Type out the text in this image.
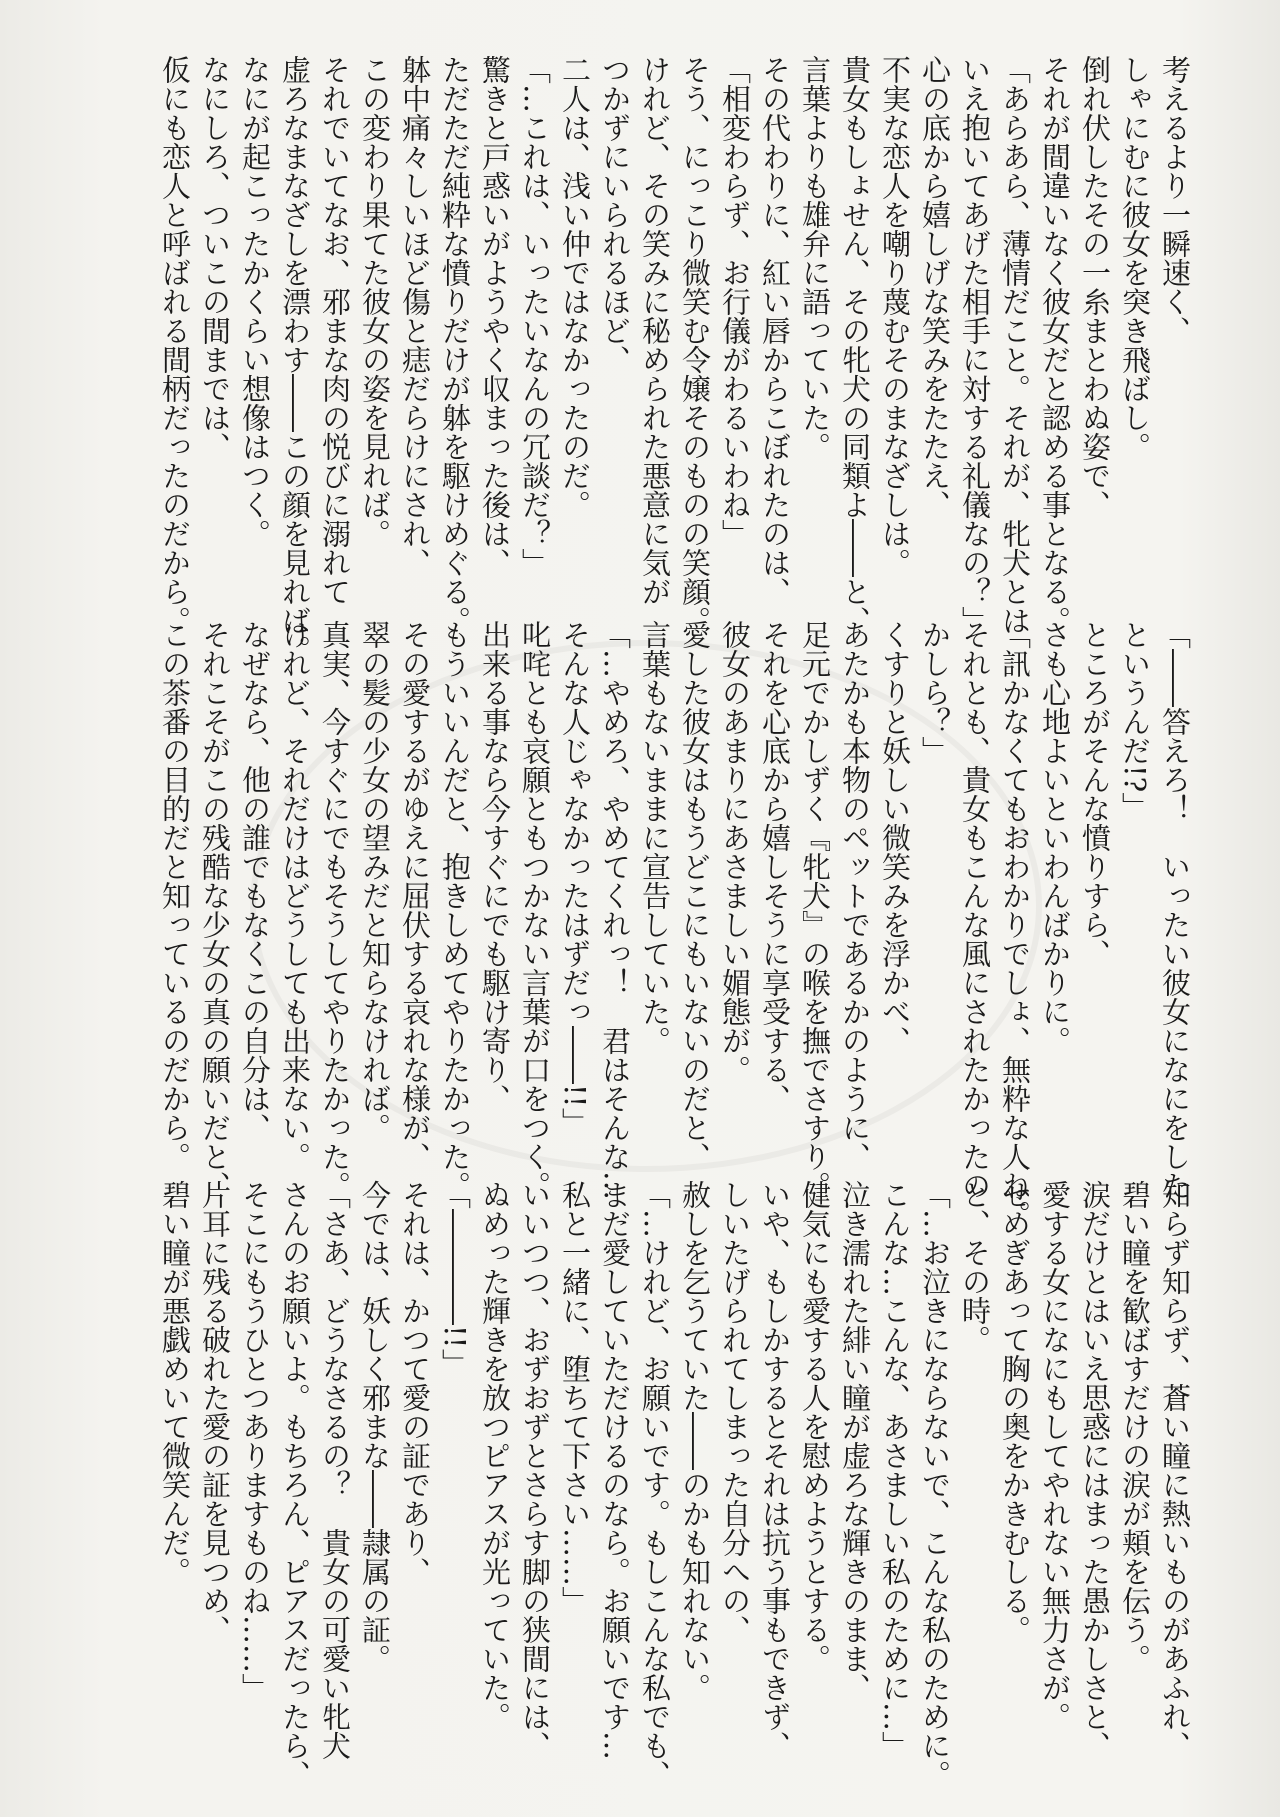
考えるより一瞬速く、
しゃにむに彼女を突き飛ばし。
倒れ伏したその一糸まとわぬ姿で、
それが間違いなく彼女だと認める事となる。
「あらあら、薄情だこと。それが、牝犬とは
いえ抱いてあげた相手に対する礼儀なの？」
心の底から嬉しげな笑みをたたえ、
不実な恋人を嘲り蔑むそのまなざしは。
貴女もしょせん、その牝犬の同類よ――と、
言葉よりも雄弁に語っていた。
その代わりに、紅い唇からこぼれたのは、
「相変わらず、お行儀がわるいわね」
そう、にっこり微笑む令嬢そのものの笑顔。
けれど、その笑みに秘められた悪意に気が
つかずにいられるほど、
二人は、浅い仲ではなかったのだ。
「…これは、いったいなんの冗談だ？」
驚きと戸惑いがようやく収まった後は、
ただただ純粋な憤りだけが躰を駆けめぐる。
躰中痛々しいほど傷と痣だらけにされ、
この変わり果てた彼女の姿を見れば。
それでいてなお、邪まな肉の悦びに溺れて
虚ろなまなざしを漂わす――この顔を見れば。
なにが起こったかくらい想像はつく。
なにしろ、ついこの間までは、
仮にも恋人と呼ばれる間柄だったのだから。
「――答えろ！　いったい彼女になにをした
というんだ!?」
ところがそんな憤りすら、
さも心地よいといわんばかりに。
「訊かなくてもおわかりでしょ、無粋な人ね。
それとも、貴女もこんな風にされたかったの
かしら？」
くすりと妖しい微笑みを浮かべ、
あたかも本物のペットであるかのように、
足元でかしずく『牝犬』の喉を撫でさすり。
それを心底から嬉しそうに享受する、
彼女のあまりにあさましい媚態が。
愛した彼女はもうどこにもいないのだと、
言葉もないままに宣告していた。
「…やめろ、やめてくれっ！　君はそんな…
そんな人じゃなかったはずだっ――!!」
叱咤とも哀願ともつかない言葉が口をつく。
出来る事なら今すぐにでも駆け寄り、
もういいんだと、抱きしめてやりたかった。
その愛するがゆえに屈伏する哀れな様が、
翠の髪の少女の望みだと知らなければ。
真実、今すぐにでもそうしてやりたかった。
けれど、それだけはどうしても出来ない。
なぜなら、他の誰でもなくこの自分は、
それこそがこの残酷な少女の真の願いだと、
この茶番の目的だと知っているのだから。
知らず知らず、蒼い瞳に熱いものがあふれ、
碧い瞳を歓ばすだけの涙が頬を伝う。
涙だけとはいえ思惑にはまった愚かしさと、
愛する女になにもしてやれない無力さが。
せめぎあって胸の奥をかきむしる。
と、その時。
「…お泣きにならないで、こんな私のために。
こんな…こんな、あさましい私のために…」
泣き濡れた緋い瞳が虚ろな輝きのまま、
健気にも愛する人を慰めようとする。
いや、もしかするとそれは抗う事もできず、
しいたげられてしまった自分への、
赦しを乞うていた――のかも知れない。
「…けれど、お願いです。もしこんな私でも、
まだ愛していただけるのなら。お願いです…
私と一緒に、堕ちて下さい……」
いいつつ、おずおずとさらす脚の狭間には、
ぬめった輝きを放つピアスが光っていた。
「――――!!」
それは、かつて愛の証であり、
今では、妖しく邪まな――隷属の証。
「さあ、どうなさるの？　貴女の可愛い牝犬
さんのお願いよ。もちろん、ピアスだったら、
そこにもうひとつありますものね……」
片耳に残る破れた愛の証を見つめ、
碧い瞳が悪戯めいて微笑んだ。
